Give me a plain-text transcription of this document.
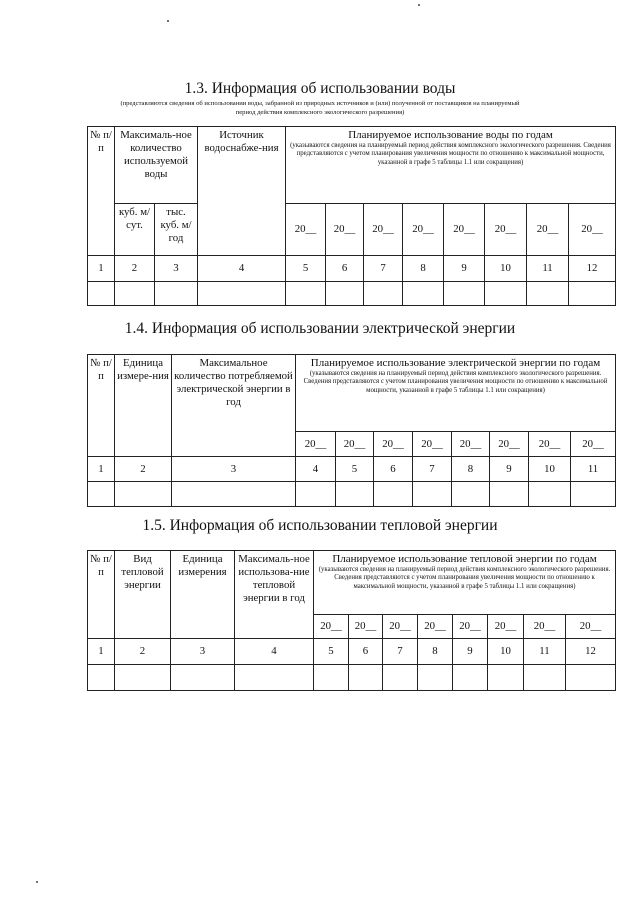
1.3. Информация об использовании воды
(представляются сведения об использовании воды, забранной из природных источников и (или) полученной от поставщиков на планируемый период действия комплексного экологического разрешения)
№ п/п	Максималь-ное количество используемой воды		Источник водоснабже-ния	Планируемое использование воды по годам
(указываются сведения на планируемый период действия комплексного экологического разрешения. Сведения представляются с учетом планирования увеличения мощности по отношению к максимальной мощности, указанной в графе 5 таблицы 1.1 или сокращения)							

	куб. м/сут.	тыс. куб. м/год		20__	20__	20__	20__	20__	20__	20__	20__
1	2	3	4	5	6	7	8	9	10	11	12

1.4. Информация об использовании электрической энергии
№ п/п	Единица измере-ния	Максимальное количество потребляемой электрической энергии в год	Планируемое использование электрической энергии по годам
(указываются сведения на планируемый период действия комплексного экологического разрешения. Сведения представляются с учетом планирования увеличения мощности по отношению к максимальной мощности, указанной в графе 5 таблицы 1.1 или сокращения)							

			20__	20__	20__	20__	20__	20__	20__	20__
1	2	3	4	5	6	7	8	9	10	11

1.5. Информация об использовании тепловой энергии
№ п/п	Вид тепловой энергии	Единица измерения	Максималь-ное использова-ние тепловой энергии в год	Планируемое использование тепловой энергии по годам
(указываются сведения на планируемый период действия комплексного экологического разрешения. Сведения представляются с учетом планирования увеличения мощности по отношению к максимальной мощности, указанной в графе 5 таблицы 1.1 или сокращения)							

				20__	20__	20__	20__	20__	20__	20__	20__
1	2	3	4	5	6	7	8	9	10	11	12
